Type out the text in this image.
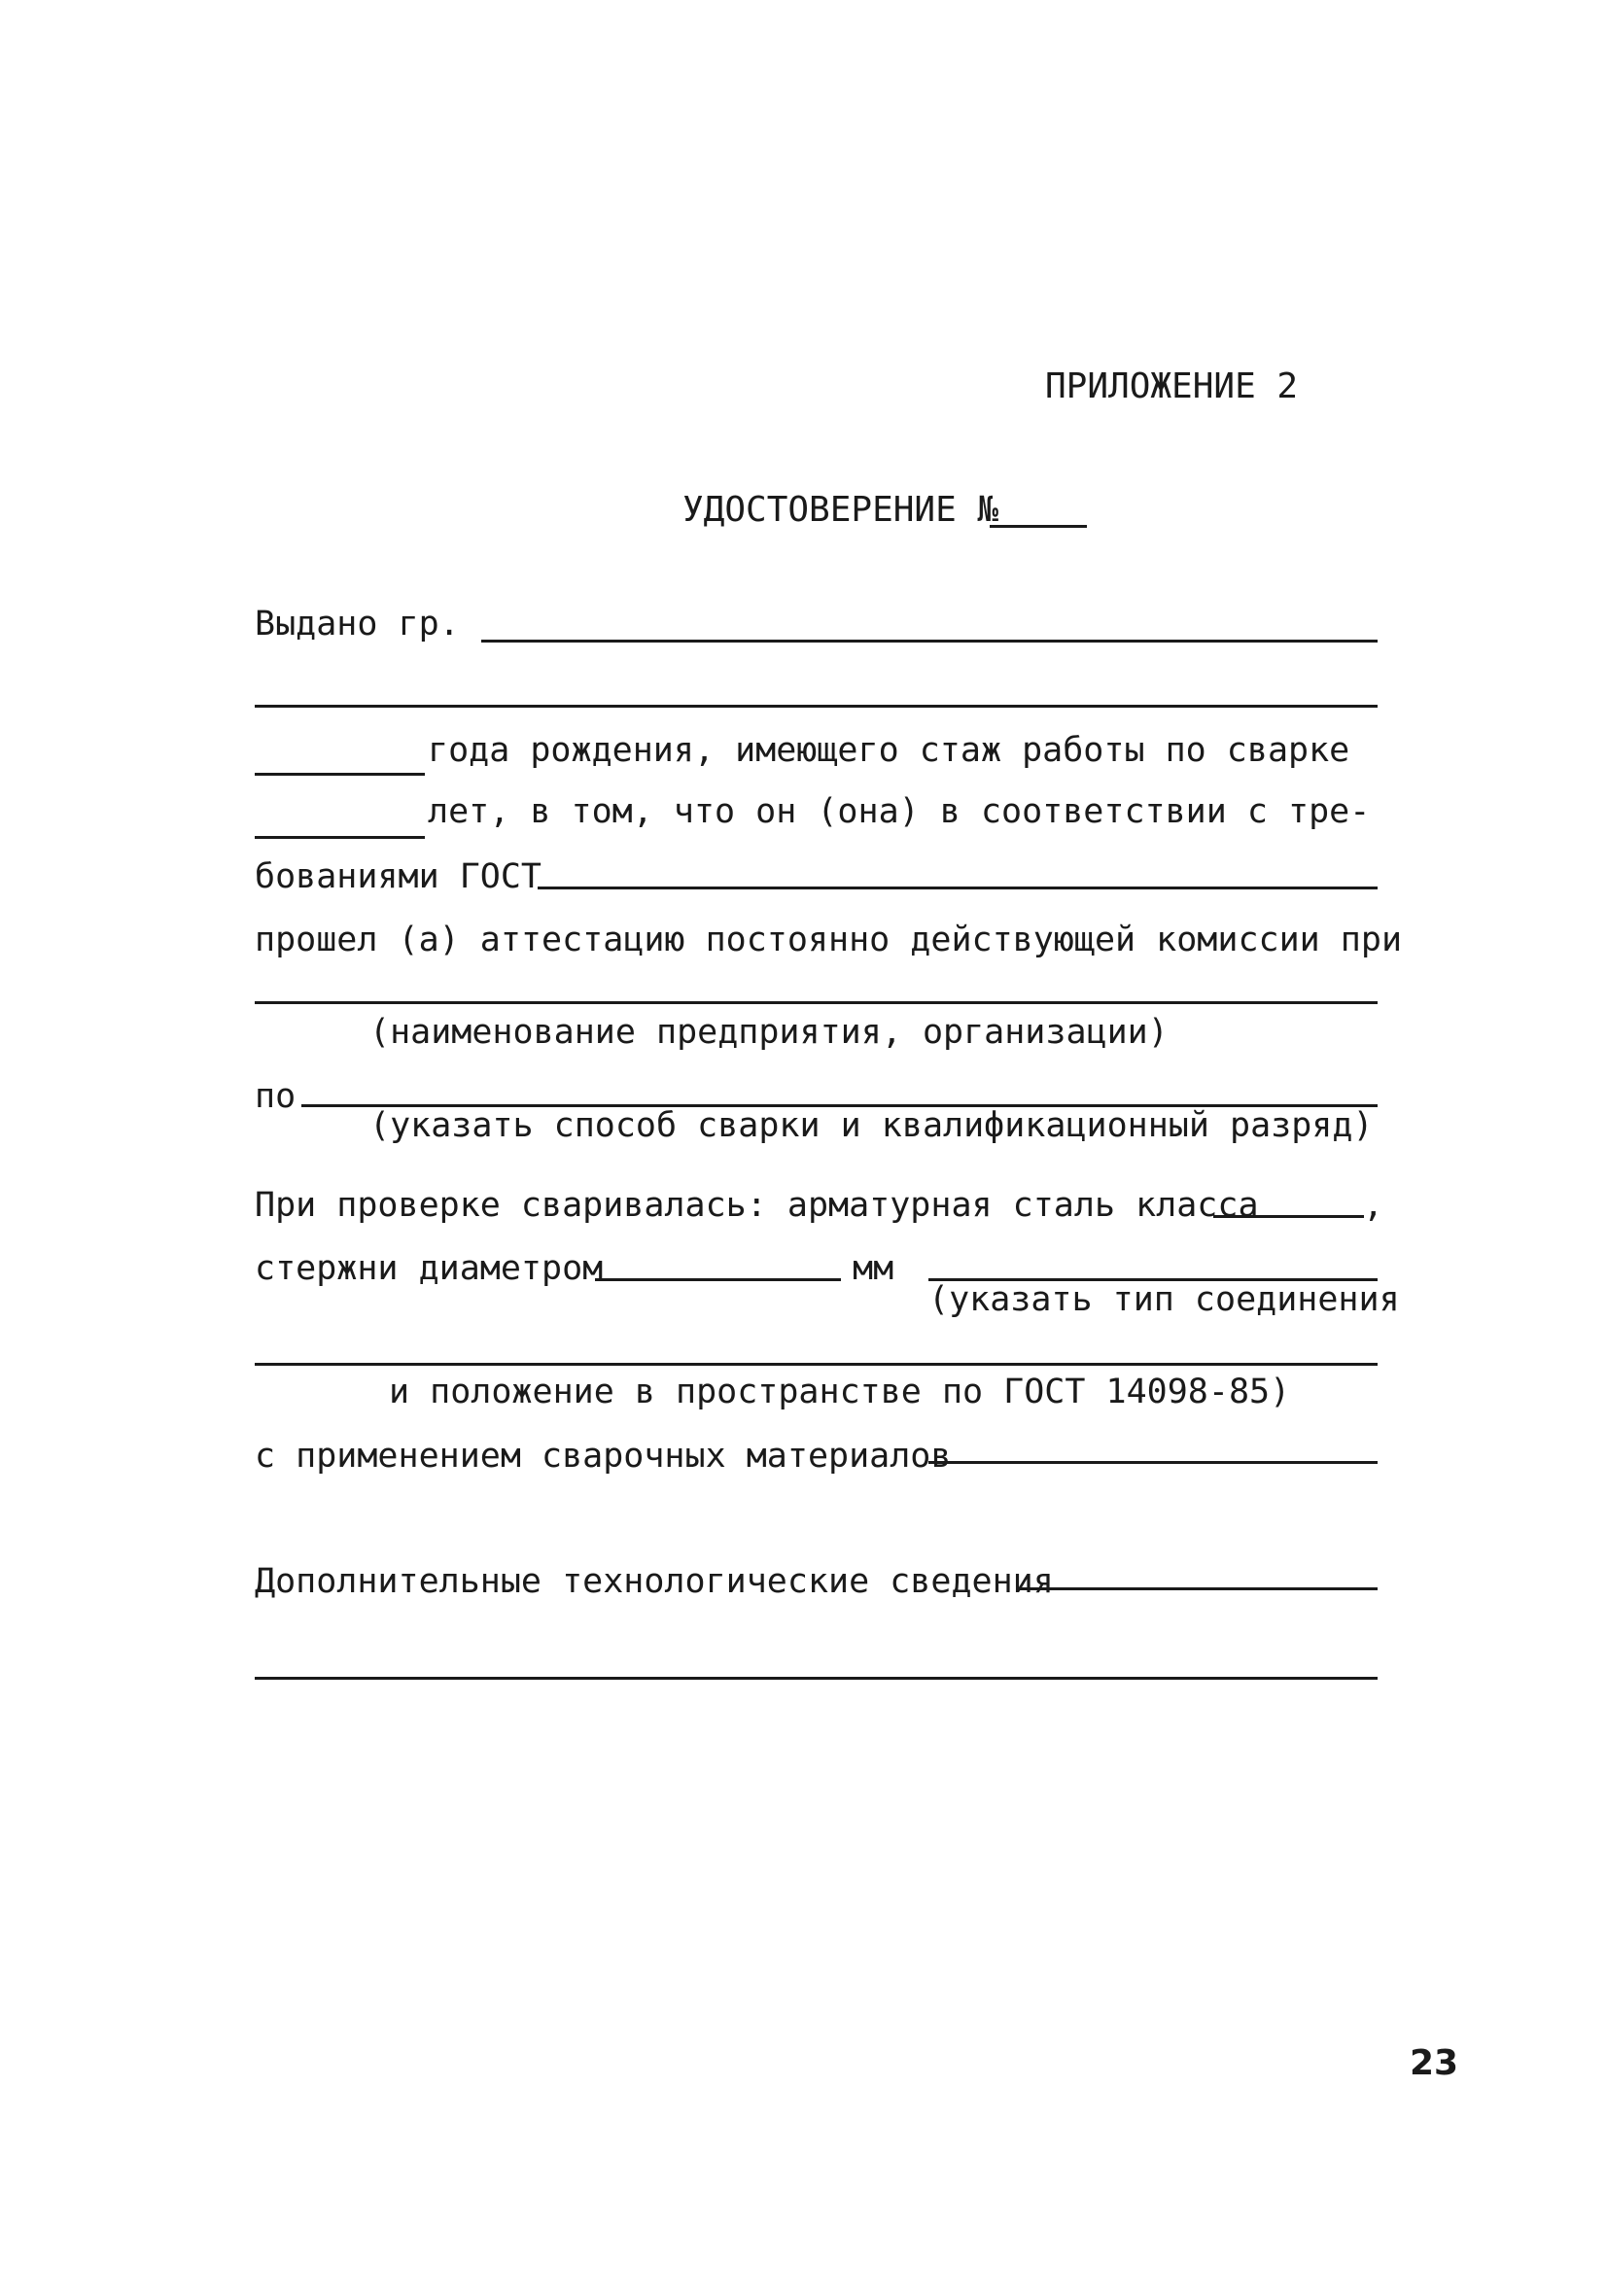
ПРИЛОЖЕНИЕ 2
УДОСТОВЕРЕНИЕ №
Выдано гр.
года рождения, имеющего стаж работы по сварке
лет, в том, что он (она) в соответствии с тре-
бованиями ГОСТ
прошел (а) аттестацию постоянно действующей комиссии при
(наименование предприятия, организации)
по
(указать способ сварки и квалификационный разряд)
При проверке сваривалась: арматурная сталь класса	,
стержни диаметром	мм
(указать тип соединения
и положение в пространстве по ГОСТ 14098-85)
с применением сварочных материалов
Дополнительные технологические сведения
23
